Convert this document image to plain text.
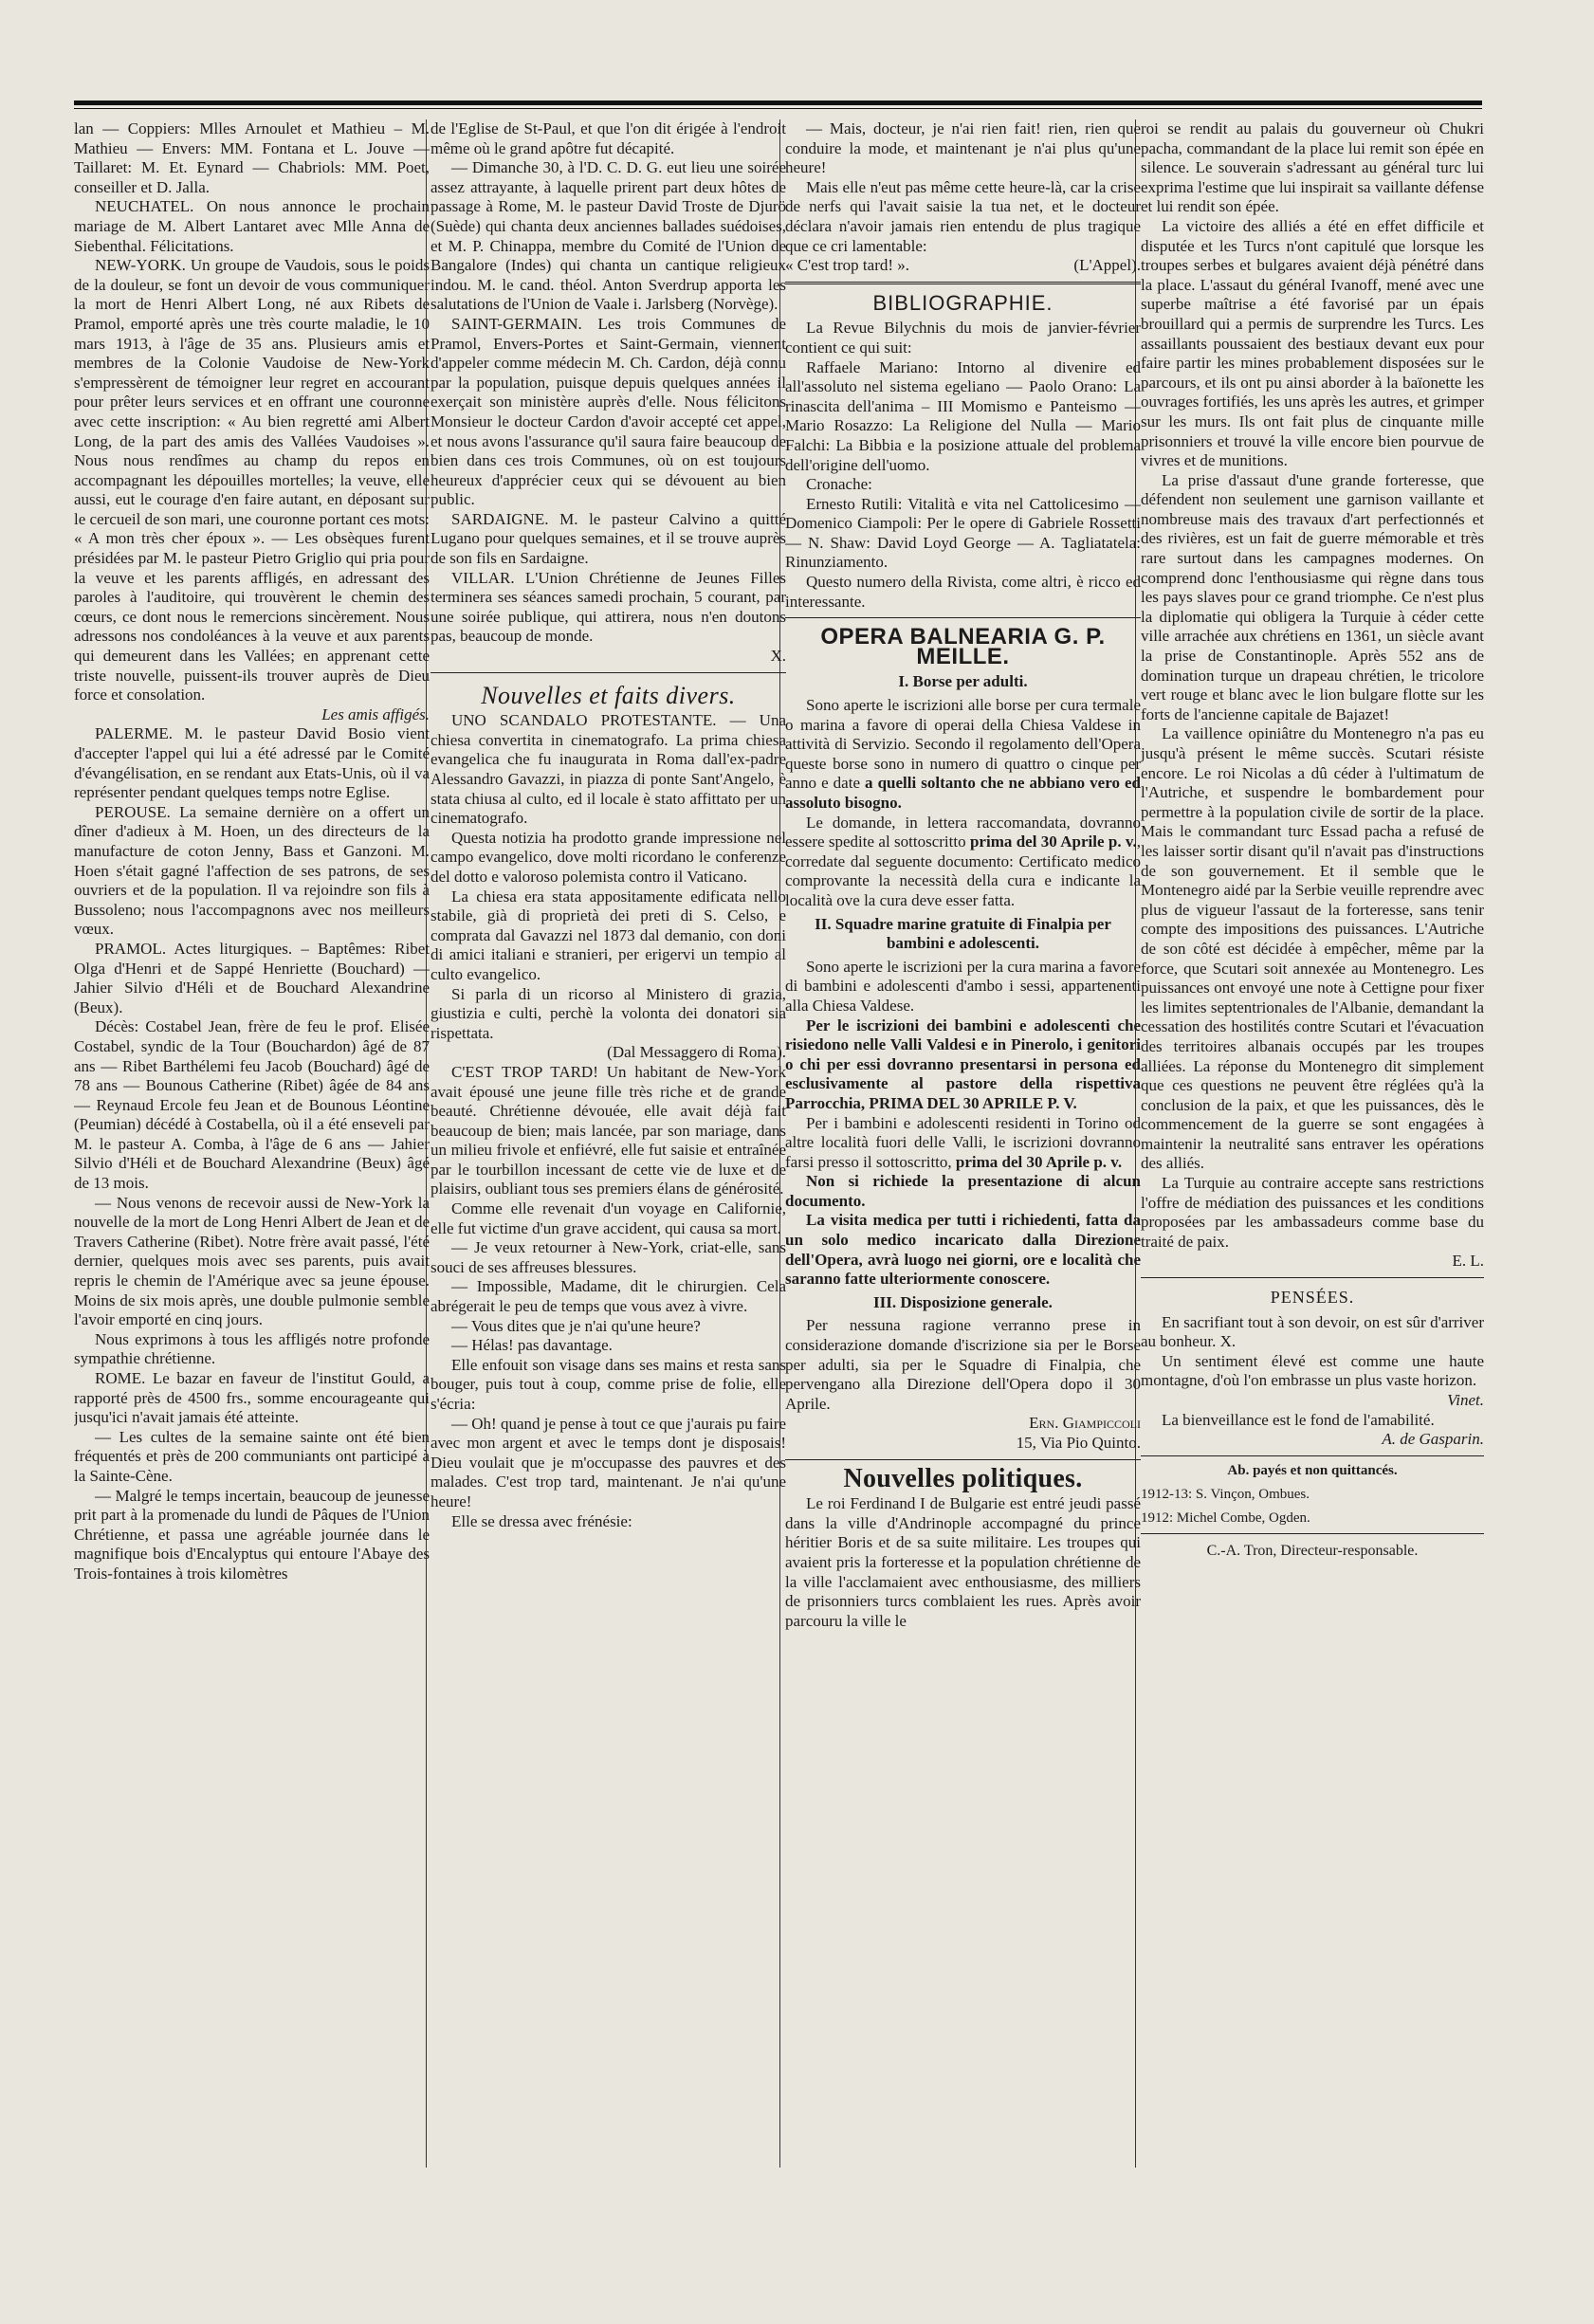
lan — Coppiers: Mlles Arnoulet et Mathieu – M. Mathieu — Envers: MM. Fontana et L. Jouve — Taillaret: M. Et. Eynard — Chabriols: MM. Poet, conseiller et D. Jalla.

NEUCHATEL. On nous annonce le prochain mariage de M. Albert Lantaret avec Mlle Anna de Siebenthal. Félicitations.

NEW-YORK. Un groupe de Vaudois, sous le poids de la douleur, se font un devoir de vous communiquer la mort de Henri Albert Long, né aux Ribets de Pramol, emporté après une très courte maladie, le 10 mars 1913, à l'âge de 35 ans. Plusieurs amis et membres de la Colonie Vaudoise de New-York s'empressèrent de témoigner leur regret en accourant pour prêter leurs services et en offrant une couronne avec cette inscription: « Au bien regretté ami Albert Long, de la part des amis des Vallées Vaudoises ». Nous nous rendîmes au champ du repos en accompagnant les dépouilles mortelles; la veuve, elle aussi, eut le courage d'en faire autant, en déposant sur le cercueil de son mari, une couronne portant ces mots: « A mon très cher époux ». — Les obsèques furent présidées par M. le pasteur Pietro Griglio qui pria pour la veuve et les parents affligés, en adressant des paroles à l'auditoire, qui trouvèrent le chemin des cœurs, ce dont nous le remercions sincèrement. Nous adressons nos condoléances à la veuve et aux parents qui demeurent dans les Vallées; en apprenant cette triste nouvelle, puissent-ils trouver auprès de Dieu force et consolation.

Les amis affigés.

PALERME. M. le pasteur David Bosio vient d'accepter l'appel qui lui a été adressé par le Comité d'évangélisation, en se rendant aux Etats-Unis, où il va représenter pendant quelques temps notre Eglise.

PEROUSE. La semaine dernière on a offert un dîner d'adieux à M. Hoen, un des directeurs de la manufacture de coton Jenny, Bass et Ganzoni. M. Hoen s'était gagné l'affection de ses patrons, de ses ouvriers et de la population. Il va rejoindre son fils à Bussoleno; nous l'accompagnons avec nos meilleurs vœux.

PRAMOL. Actes liturgiques. – Baptêmes: Ribet Olga d'Henri et de Sappé Henriette (Bouchard) — Jahier Silvio d'Héli et de Bouchard Alexandrine (Beux).

Décès: Costabel Jean, frère de feu le prof. Elisée Costabel, syndic de la Tour (Bouchardon) âgé de 87 ans — Ribet Barthélemi feu Jacob (Bouchard) âgé de 78 ans — Bounous Catherine (Ribet) âgée de 84 ans — Reynaud Ercole feu Jean et de Bounous Léontine (Peumian) décédé à Costabella, où il a été enseveli par M. le pasteur A. Comba, à l'âge de 6 ans — Jahier Silvio d'Héli et de Bouchard Alexandrine (Beux) âgé de 13 mois.

— Nous venons de recevoir aussi de New-York la nouvelle de la mort de Long Henri Albert de Jean et de Travers Catherine (Ribet). Notre frère avait passé, l'été dernier, quelques mois avec ses parents, puis avait repris le chemin de l'Amérique avec sa jeune épouse. Moins de six mois après, une double pulmonie semble l'avoir emporté en cinq jours.

Nous exprimons à tous les affligés notre profonde sympathie chrétienne.

ROME. Le bazar en faveur de l'institut Gould, a rapporté près de 4500 frs., somme encourageante qui jusqu'ici n'avait jamais été atteinte.

— Les cultes de la semaine sainte ont été bien fréquentés et près de 200 communiants ont participé à la Sainte-Cène.

— Malgré le temps incertain, beaucoup de jeunesse prit part à la promenade du lundi de Pâques de l'Union Chrétienne, et passa une agréable journée dans le magnifique bois d'Encalyptus qui entoure l'Abaye des Trois-fontaines à trois kilomètres

de l'Eglise de St-Paul, et que l'on dit érigée à l'endroit même où le grand apôtre fut décapité.

— Dimanche 30, à l'D. C. D. G. eut lieu une soirée assez attrayante, à laquelle prirent part deux hôtes de passage à Rome, M. le pasteur David Troste de Djurö (Suède) qui chanta deux anciennes ballades suédoises, et M. P. Chinappa, membre du Comité de l'Union de Bangalore (Indes) qui chanta un cantique religieux indou. M. le cand. théol. Anton Sverdrup apporta les salutations de l'Union de Vaale i. Jarlsberg (Norvège).

SAINT-GERMAIN. Les trois Communes de Pramol, Envers-Portes et Saint-Germain, viennent d'appeler comme médecin M. Ch. Cardon, déjà connu par la population, puisque depuis quelques années il exerçait son ministère auprès d'elle. Nous félicitons Monsieur le docteur Cardon d'avoir accepté cet appel, et nous avons l'assurance qu'il saura faire beaucoup de bien dans ces trois Communes, où on est toujours heureux d'apprécier ceux qui se dévouent au bien public.

SARDAIGNE. M. le pasteur Calvino a quitté Lugano pour quelques semaines, et il se trouve auprès de son fils en Sardaigne.

VILLAR. L'Union Chrétienne de Jeunes Filles terminera ses séances samedi prochain, 5 courant, par une soirée publique, qui attirera, nous n'en doutons pas, beaucoup de monde.

X.

Nouvelles et faits divers.

UNO SCANDALO PROTESTANTE. — Una chiesa convertita in cinematografo. La prima chiesa evangelica che fu inaugurata in Roma dall'ex-padre Alessandro Gavazzi, in piazza di ponte Sant'Angelo, è stata chiusa al culto, ed il locale è stato affittato per un cinematografo.

Questa notizia ha prodotto grande impressione nel campo evangelico, dove molti ricordano le conferenze del dotto e valoroso polemista contro il Vaticano.

La chiesa era stata appositamente edificata nello stabile, già di proprietà dei preti di S. Celso, e comprata dal Gavazzi nel 1873 dal demanio, con doni di amici italiani e stranieri, per erigervi un tempio al culto evangelico.

Si parla di un ricorso al Ministero di grazia, giustizia e culti, perchè la volonta dei donatori sia rispettata.

(Dal Messaggero di Roma).

C'EST TROP TARD! Un habitant de New-York avait épousé une jeune fille très riche et de grande beauté. Chrétienne dévouée, elle avait déjà fait beaucoup de bien; mais lancée, par son mariage, dans un milieu frivole et enfiévré, elle fut saisie et entraînée par le tourbillon incessant de cette vie de luxe et de plaisirs, oubliant tous ses premiers élans de générosité.

Comme elle revenait d'un voyage en Californie, elle fut victime d'un grave accident, qui causa sa mort.

— Je veux retourner à New-York, criat-elle, sans souci de ses affreuses blessures.

— Impossible, Madame, dit le chirurgien. Cela abrégerait le peu de temps que vous avez à vivre.

— Vous dites que je n'ai qu'une heure?

— Hélas! pas davantage.

Elle enfouit son visage dans ses mains et resta sans bouger, puis tout à coup, comme prise de folie, elle s'écria:

— Oh! quand je pense à tout ce que j'aurais pu faire avec mon argent et avec le temps dont je disposais! Dieu voulait que je m'occupasse des pauvres et des malades. C'est trop tard, maintenant. Je n'ai qu'une heure!

Elle se dressa avec frénésie:

— Mais, docteur, je n'ai rien fait! rien, rien que conduire la mode, et maintenant je n'ai plus qu'une heure!

Mais elle n'eut pas même cette heure-là, car la crise de nerfs qui l'avait saisie la tua net, et le docteur déclara n'avoir jamais rien entendu de plus tragique que ce cri lamentable:

« C'est trop tard! ».	(L'Appel).

BIBLIOGRAPHIE.

La Revue Bilychnis du mois de janvier-février contient ce qui suit:

Raffaele Mariano: Intorno al divenire ed all'assoluto nel sistema egeliano — Paolo Orano: La rinascita dell'anima – III Momismo e Panteismo — Mario Rosazzo: La Religione del Nulla — Mario Falchi: La Bibbia e la posizione attuale del problema dell'origine dell'uomo.

Cronache:

Ernesto Rutili: Vitalità e vita nel Cattolicesimo — Domenico Ciampoli: Per le opere di Gabriele Rossetti — N. Shaw: David Loyd George — A. Tagliatatela: Rinunziamento.

Questo numero della Rivista, come altri, è ricco ed interessante.

OPERA BALNEARIA G. P. MEILLE.

I. Borse per adulti.

Sono aperte le iscrizioni alle borse per cura termale o marina a favore di operai della Chiesa Valdese in attività di Servizio. Secondo il regolamento dell'Opera queste borse sono in numero di quattro o cinque per anno e date a quelli soltanto che ne abbiano vero ed assoluto bisogno.

Le domande, in lettera raccomandata, dovranno essere spedite al sottoscritto prima del 30 Aprile p. v., corredate dal seguente documento: Certificato medico comprovante la necessità della cura e indicante la località ove la cura deve esser fatta.

II. Squadre marine gratuite di Finalpia per bambini e adolescenti.

Sono aperte le iscrizioni per la cura marina a favore di bambini e adolescenti d'ambo i sessi, appartenenti alla Chiesa Valdese.

Per le iscrizioni dei bambini e adolescenti che risiedono nelle Valli Valdesi e in Pinerolo, i genitori o chi per essi dovranno presentarsi in persona ed esclusivamente al pastore della rispettiva Parrocchia, PRIMA DEL 30 APRILE P. V.

Per i bambini e adolescenti residenti in Torino od altre località fuori delle Valli, le iscrizioni dovranno farsi presso il sottoscritto, prima del 30 Aprile p. v.

Non si richiede la presentazione di alcun documento.

La visita medica per tutti i richiedenti, fatta da un solo medico incaricato dalla Direzione dell'Opera, avrà luogo nei giorni, ore e località che saranno fatte ulteriormente conoscere.

III. Disposizione generale.

Per nessuna ragione verranno prese in considerazione domande d'iscrizione sia per le Borse per adulti, sia per le Squadre di Finalpia, che pervengano alla Direzione dell'Opera dopo il 30 Aprile.

Ern. Giampiccoli

15, Via Pio Quinto.

Nouvelles politiques.

Le roi Ferdinand I de Bulgarie est entré jeudi passé dans la ville d'Andrinople accompagné du prince héritier Boris et de sa suite militaire. Les troupes qui avaient pris la forteresse et la population chrétienne de la ville l'acclamaient avec enthousiasme, des milliers de prisonniers turcs comblaient les rues. Après avoir parcouru la ville le

roi se rendit au palais du gouverneur où Chukri pacha, commandant de la place lui remit son épée en silence. Le souverain s'adressant au général turc lui exprima l'estime que lui inspirait sa vaillante défense et lui rendit son épée.

La victoire des alliés a été en effet difficile et disputée et les Turcs n'ont capitulé que lorsque les troupes serbes et bulgares avaient déjà pénétré dans la place. L'assaut du général Ivanoff, mené avec une superbe maîtrise a été favorisé par un épais brouillard qui a permis de surprendre les Turcs. Les assaillants poussaient des bestiaux devant eux pour faire partir les mines probablement disposées sur le parcours, et ils ont pu ainsi aborder à la baïonette les ouvrages fortifiés, les uns après les autres, et grimper sur les murs. Ils ont fait plus de cinquante mille prisonniers et trouvé la ville encore bien pourvue de vivres et de munitions.

La prise d'assaut d'une grande forteresse, que défendent non seulement une garnison vaillante et nombreuse mais des travaux d'art perfectionnés et des rivières, est un fait de guerre mémorable et très rare surtout dans les campagnes modernes. On comprend donc l'enthousiasme qui règne dans tous les pays slaves pour ce grand triomphe. Ce n'est plus la diplomatie qui obligera la Turquie à céder cette ville arrachée aux chrétiens en 1361, un siècle avant la prise de Constantinople. Après 552 ans de domination turque un drapeau chrétien, le tricolore vert rouge et blanc avec le lion bulgare flotte sur les forts de l'ancienne capitale de Bajazet!

La vaillence opiniâtre du Montenegro n'a pas eu jusqu'à présent le même succès. Scutari résiste encore. Le roi Nicolas a dû céder à l'ultimatum de l'Autriche, et suspendre le bombardement pour permettre à la population civile de sortir de la place. Mais le commandant turc Essad pacha a refusé de les laisser sortir disant qu'il n'avait pas d'instructions de son gouvernement. Et il semble que le Montenegro aidé par la Serbie veuille reprendre avec plus de vigueur l'assaut de la forteresse, sans tenir compte des impositions des puissances. L'Autriche de son côté est décidée à empêcher, même par la force, que Scutari soit annexée au Montenegro. Les puissances ont envoyé une note à Cettigne pour fixer les limites septentrionales de l'Albanie, demandant la cessation des hostilités contre Scutari et l'évacuation des territoires albanais occupés par les troupes alliées. La réponse du Montenegro dit simplement que ces questions ne peuvent être réglées qu'à la conclusion de la paix, et que les puissances, dès le commencement de la guerre se sont engagées à maintenir la neutralité sans entraver les opérations des alliés.

La Turquie au contraire accepte sans restrictions l'offre de médiation des puissances et les conditions proposées par les ambassadeurs comme base du traité de paix.

E. L.

PENSÉES.

En sacrifiant tout à son devoir, on est sûr d'arriver au bonheur. X.

Un sentiment élevé est comme une haute montagne, d'où l'on embrasse un plus vaste horizon.

Vinet.

La bienveillance est le fond de l'amabilité.

A. de Gasparin.

Ab. payés et non quittancés.

1912-13: S. Vinçon, Ombues.

1912: Michel Combe, Ogden.

C.-A. Tron, Directeur-responsable.
